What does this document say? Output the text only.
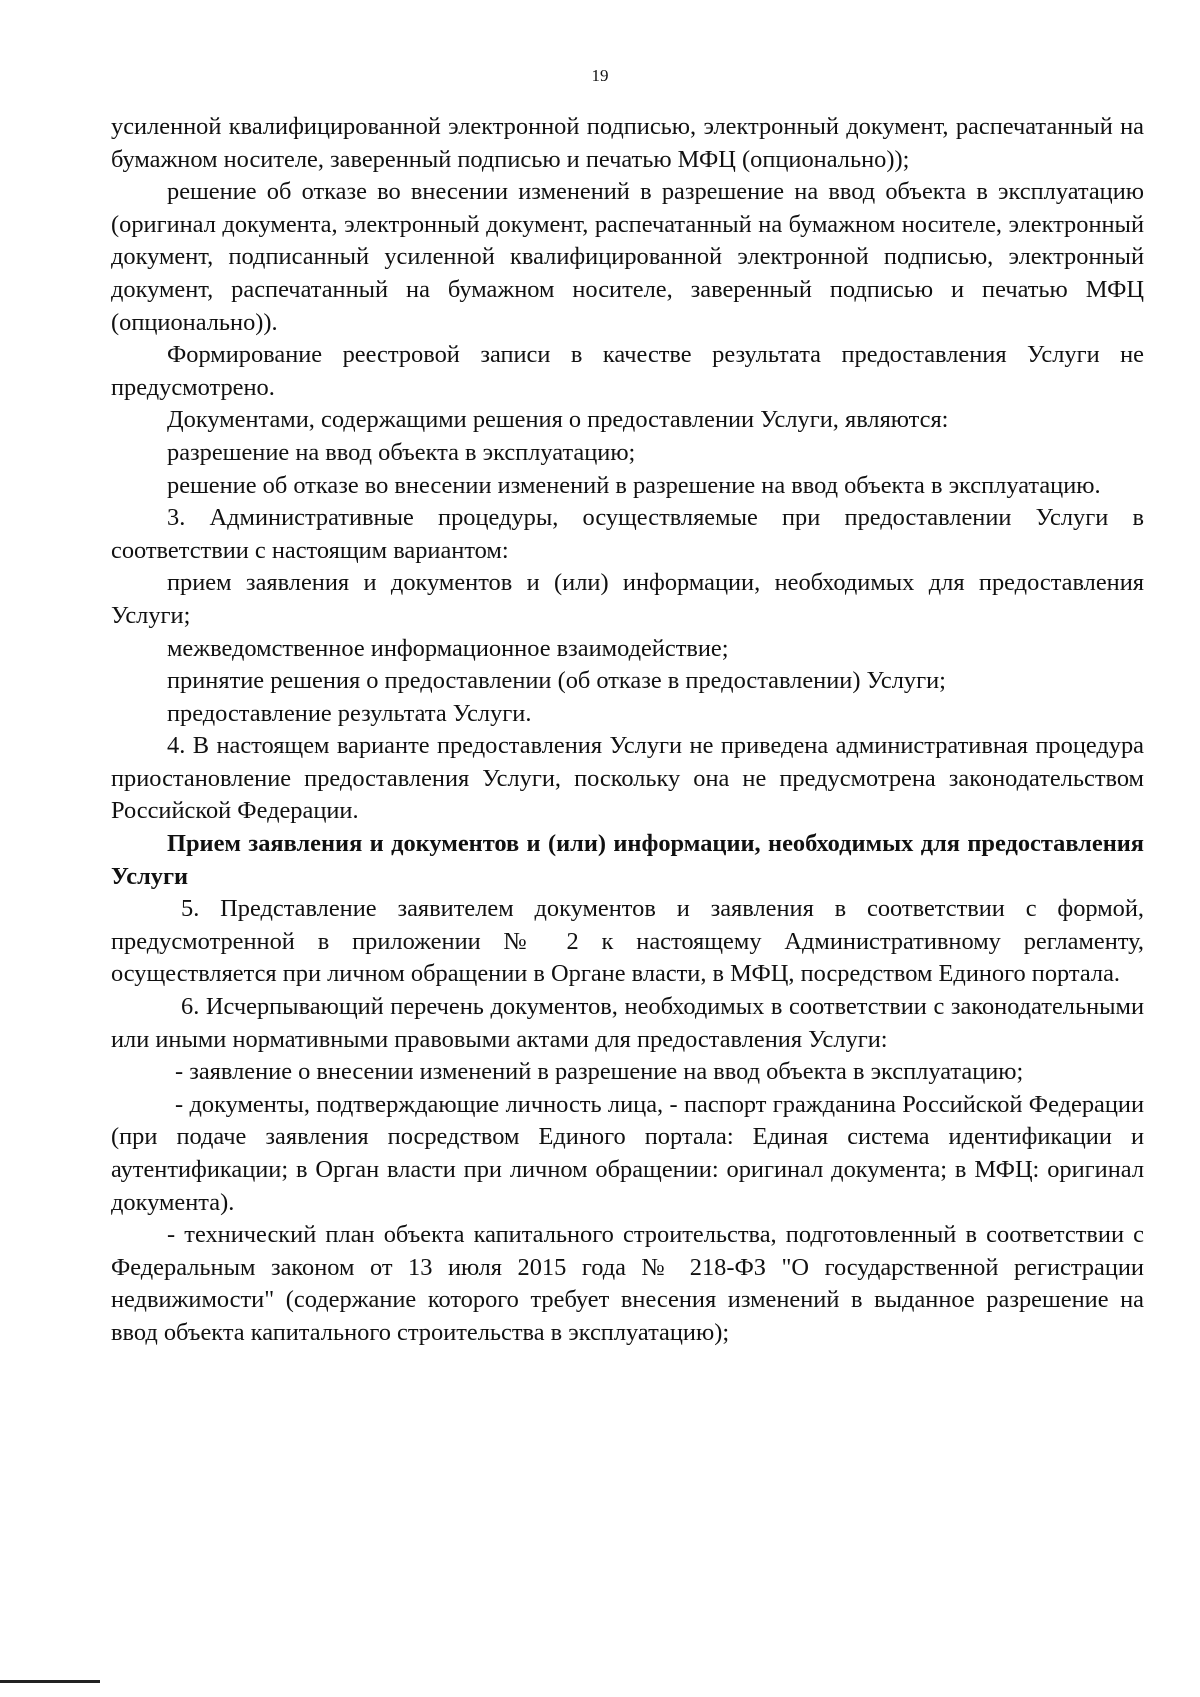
19

усиленной квалифицированной электронной подписью, электронный документ, распечатанный на бумажном носителе, заверенный подписью и печатью МФЦ (опционально));

решение об отказе во внесении изменений в разрешение на ввод объекта в эксплуатацию (оригинал документа, электронный документ, распечатанный на бумажном носителе, электронный документ, подписанный усиленной квалифицированной электронной подписью, электронный документ, распечатанный на бумажном носителе, заверенный подписью и печатью МФЦ (опционально)).

Формирование реестровой записи в качестве результата предоставления Услуги не предусмотрено.

Документами, содержащими решения о предоставлении Услуги, являются:

разрешение на ввод объекта в эксплуатацию;

решение об отказе во внесении изменений в разрешение на ввод объекта в эксплуатацию.

3. Административные процедуры, осуществляемые при предоставлении Услуги в соответствии с настоящим вариантом:

прием заявления и документов и (или) информации, необходимых для предоставления Услуги;

межведомственное информационное взаимодействие;

принятие решения о предоставлении (об отказе в предоставлении) Услуги;

предоставление результата Услуги.

4. В настоящем варианте предоставления Услуги не приведена административная процедура приостановление предоставления Услуги, поскольку она не предусмотрена законодательством Российской Федерации.

Прием заявления и документов и (или) информации, необходимых для предоставления Услуги

5. Представление заявителем документов и заявления в соответствии с формой, предусмотренной в приложении № 2 к настоящему Административному регламенту, осуществляется при личном обращении в Органе власти, в МФЦ, посредством Единого портала.

6. Исчерпывающий перечень документов, необходимых в соответствии с законодательными или иными нормативными правовыми актами для предоставления Услуги:

- заявление о внесении изменений в разрешение на ввод объекта в эксплуатацию;

- документы, подтверждающие личность лица, - паспорт гражданина Российской Федерации (при подаче заявления посредством Единого портала: Единая система идентификации и аутентификации; в Орган власти при личном обращении: оригинал документа; в МФЦ: оригинал документа).

- технический план объекта капитального строительства, подготовленный в соответствии с Федеральным законом от 13 июля 2015 года № 218-ФЗ "О государственной регистрации недвижимости" (содержание которого требует внесения изменений в выданное разрешение на ввод объекта капитального строительства в эксплуатацию);
